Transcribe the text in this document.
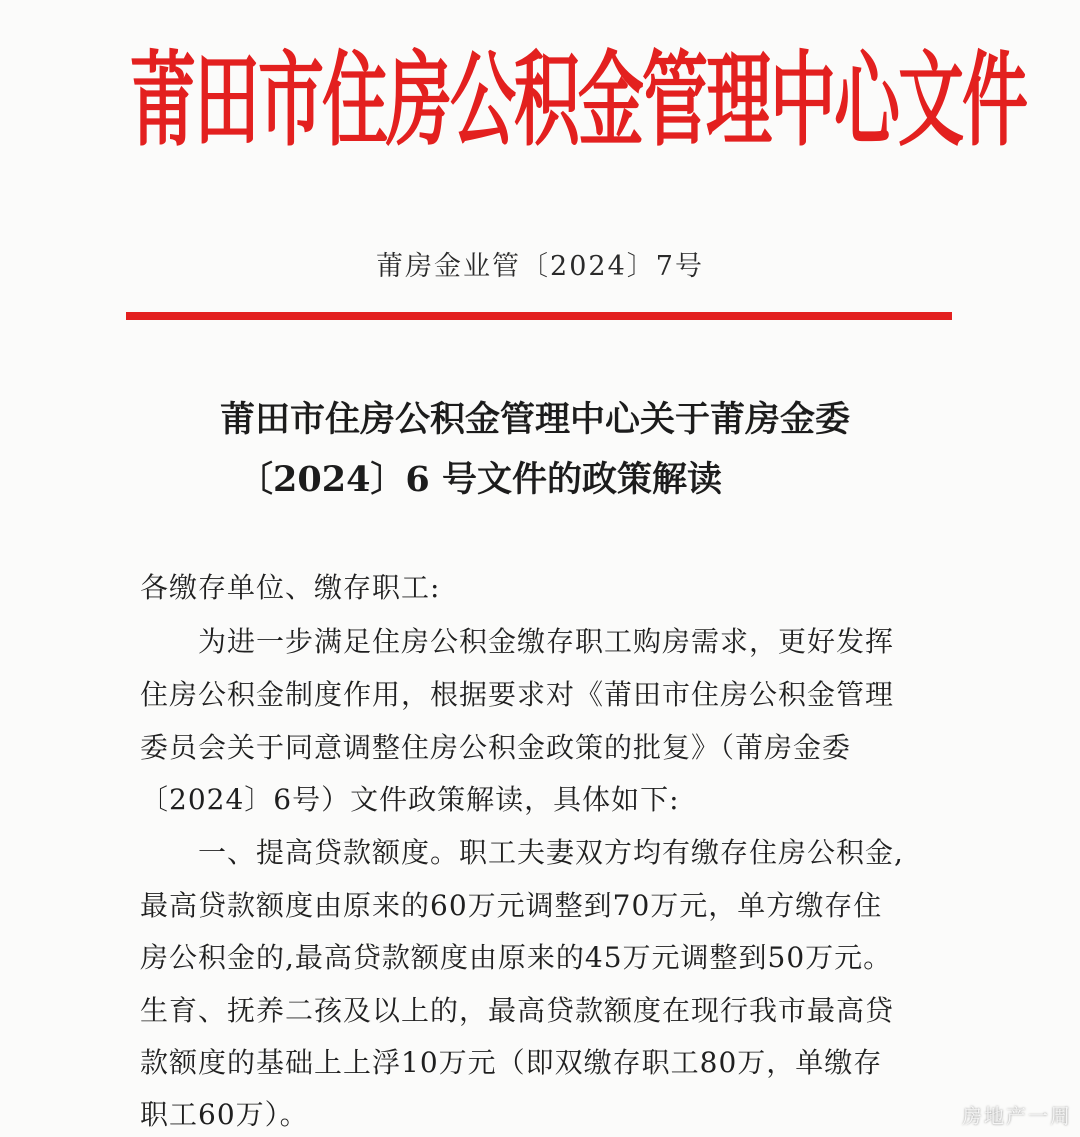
莆田市住房公积金管理中心文件
莆房金业管〔2024〕7号
莆田市住房公积金管理中心关于莆房金委
〔2024〕6 号文件的政策解读
各缴存单位、缴存职工:
为进一步满足住房公积金缴存职工购房需求，更好发挥
住房公积金制度作用，根据要求对《莆田市住房公积金管理
委员会关于同意调整住房公积金政策的批复》（莆房金委
〔2024〕6号）文件政策解读，具体如下:
一、提高贷款额度。职工夫妻双方均有缴存住房公积金,
最高贷款额度由原来的60万元调整到70万元，单方缴存住
房公积金的,最高贷款额度由原来的45万元调整到50万元。
生育、抚养二孩及以上的，最高贷款额度在现行我市最高贷
款额度的基础上上浮10万元（即双缴存职工80万，单缴存
职工60万）。	房地产一周
